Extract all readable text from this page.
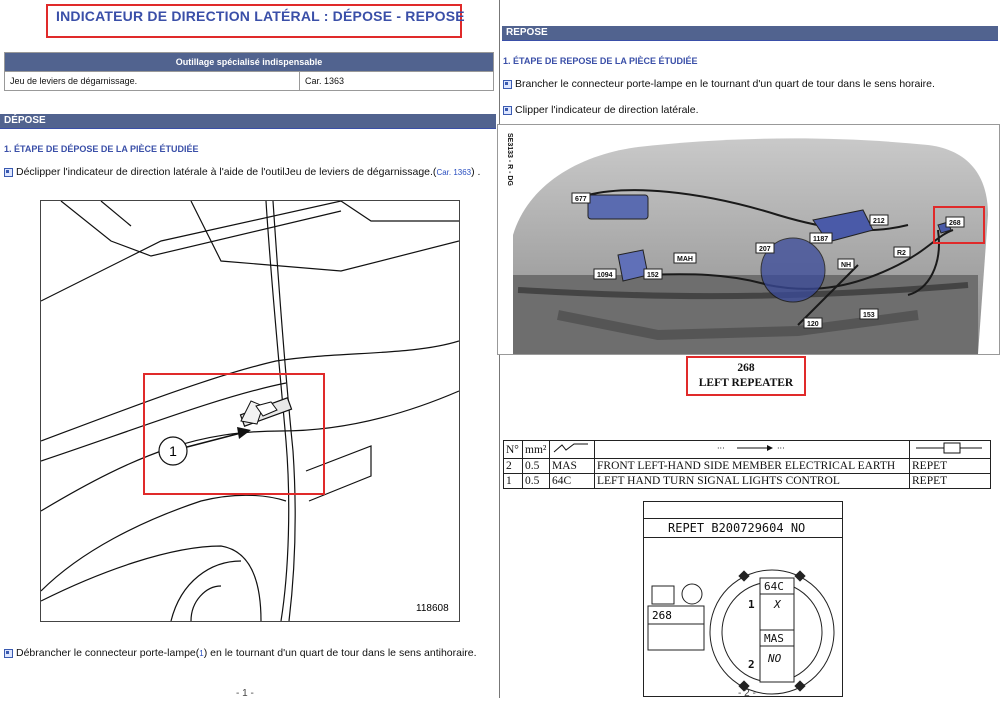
INDICATEUR DE DIRECTION LATÉRAL : DÉPOSE - REPOSE
Outillage spécialisé indispensable
Jeu de leviers de dégarnissage.	Car. 1363
DÉPOSE
1. ÉTAPE DE DÉPOSE DE LA PIÈCE ÉTUDIÉE
Déclipper l'indicateur de direction latérale à l'aide de l'outilJeu de leviers de dégarnissage.(Car. 1363) .
1
118608
Débrancher le connecteur porte-lampe(1) en le tournant d'un quart de tour dans le sens antihoraire.
- 1 -
REPOSE
1. ÉTAPE DE REPOSE DE LA PIÈCE ÉTUDIÉE
Brancher le connecteur porte-lampe en le tournant d'un quart de tour dans le sens horaire.
Clipper l'indicateur de direction latérale.
677
1094	152
MAH
207
1187
212
NH
R2
153
120
268
SE3133 - R - DG
268
LEFT REPEATER
N°	mm²		··· ···

2	0.5	MAS	FRONT LEFT-HAND SIDE MEMBER ELECTRICAL EARTH	REPET
1	0.5	64C	LEFT HAND TURN SIGNAL LIGHTS CONTROL	REPET
REPET B200729604 NO
268
1
64C
X
2
MAS
NO
- 2 -
